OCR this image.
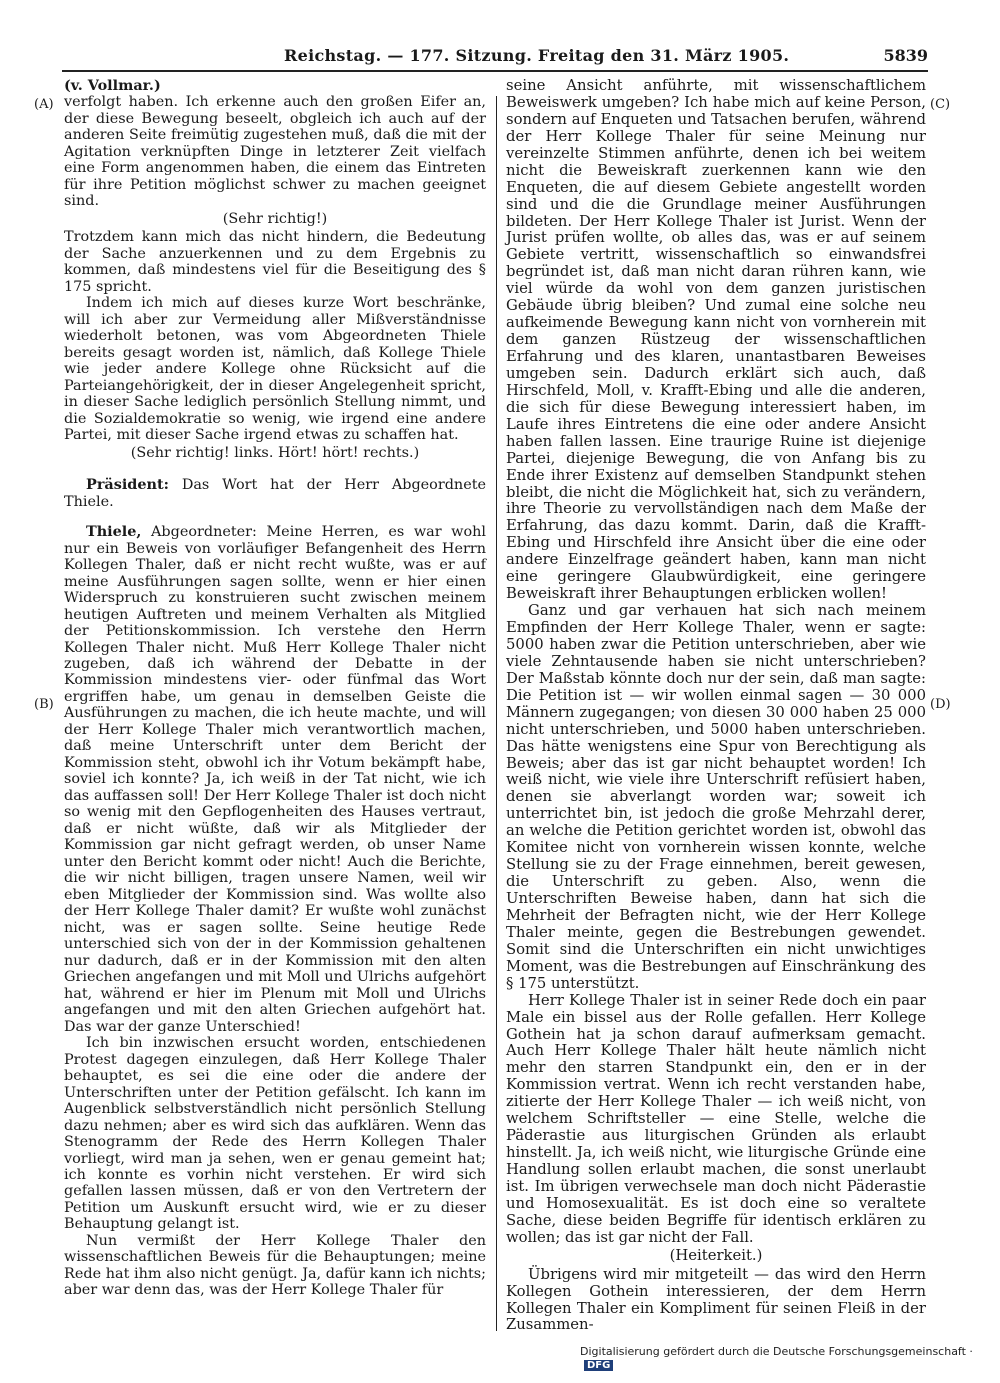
Reichstag. — 177. Sitzung. Freitag den 31. März 1905.	5839
(A)
(B)
(C)
(D)

(v. Vollmar.)

verfolgt haben. Ich erkenne auch den großen Eifer an, der diese Bewegung beseelt, obgleich ich auch auf der anderen Seite freimütig zugestehen muß, daß die mit der Agitation verknüpften Dinge in letzterer Zeit vielfach eine Form angenommen haben, die einem das Eintreten für ihre Petition möglichst schwer zu machen geeignet sind.

(Sehr richtig!)

Trotzdem kann mich das nicht hindern, die Bedeutung der Sache anzuerkennen und zu dem Ergebnis zu kommen, daß mindestens viel für die Beseitigung des § 175 spricht.

Indem ich mich auf dieses kurze Wort beschränke, will ich aber zur Vermeidung aller Mißverständnisse wiederholt betonen, was vom Abgeordneten Thiele bereits gesagt worden ist, nämlich, daß Kollege Thiele wie jeder andere Kollege ohne Rücksicht auf die Parteiangehörigkeit, der in dieser Angelegenheit spricht, in dieser Sache lediglich persönlich Stellung nimmt, und die Sozialdemokratie so wenig, wie irgend eine andere Partei, mit dieser Sache irgend etwas zu schaffen hat.

(Sehr richtig! links. Hört! hört! rechts.)

Präsident: Das Wort hat der Herr Abgeordnete Thiele.

Thiele, Abgeordneter: Meine Herren, es war wohl nur ein Beweis von vorläufiger Befangenheit des Herrn Kollegen Thaler, daß er nicht recht wußte, was er auf meine Ausführungen sagen sollte, wenn er hier einen Widerspruch zu konstruieren sucht zwischen meinem heutigen Auftreten und meinem Verhalten als Mitglied der Petitionskommission. Ich verstehe den Herrn Kollegen Thaler nicht. Muß Herr Kollege Thaler nicht zugeben, daß ich während der Debatte in der Kommission mindestens vier- oder fünfmal das Wort ergriffen habe, um genau in demselben Geiste die Ausführungen zu machen, die ich heute machte, und will der Herr Kollege Thaler mich verantwortlich machen, daß meine Unterschrift unter dem Bericht der Kommission steht, obwohl ich ihr Votum bekämpft habe, soviel ich konnte? Ja, ich weiß in der Tat nicht, wie ich das auffassen soll! Der Herr Kollege Thaler ist doch nicht so wenig mit den Gepflogenheiten des Hauses vertraut, daß er nicht wüßte, daß wir als Mitglieder der Kommission gar nicht gefragt werden, ob unser Name unter den Bericht kommt oder nicht! Auch die Berichte, die wir nicht billigen, tragen unsere Namen, weil wir eben Mitglieder der Kommission sind. Was wollte also der Herr Kollege Thaler damit? Er wußte wohl zunächst nicht, was er sagen sollte. Seine heutige Rede unterschied sich von der in der Kommission gehaltenen nur dadurch, daß er in der Kommission mit den alten Griechen angefangen und mit Moll und Ulrichs aufgehört hat, während er hier im Plenum mit Moll und Ulrichs angefangen und mit den alten Griechen aufgehört hat. Das war der ganze Unterschied!

Ich bin inzwischen ersucht worden, entschiedenen Protest dagegen einzulegen, daß Herr Kollege Thaler behauptet, es sei die eine oder die andere der Unterschriften unter der Petition gefälscht. Ich kann im Augenblick selbstverständlich nicht persönlich Stellung dazu nehmen; aber es wird sich das aufklären. Wenn das Stenogramm der Rede des Herrn Kollegen Thaler vorliegt, wird man ja sehen, wen er genau gemeint hat; ich konnte es vorhin nicht verstehen. Er wird sich gefallen lassen müssen, daß er von den Vertretern der Petition um Auskunft ersucht wird, wie er zu dieser Behauptung gelangt ist.

Nun vermißt der Herr Kollege Thaler den wissenschaftlichen Beweis für die Behauptungen; meine Rede hat ihm also nicht genügt. Ja, dafür kann ich nichts; aber war denn das, was der Herr Kollege Thaler für

seine Ansicht anführte, mit wissenschaftlichem Beweiswerk umgeben? Ich habe mich auf keine Person, sondern auf Enqueten und Tatsachen berufen, während der Herr Kollege Thaler für seine Meinung nur vereinzelte Stimmen anführte, denen ich bei weitem nicht die Beweiskraft zuerkennen kann wie den Enqueten, die auf diesem Gebiete angestellt worden sind und die die Grundlage meiner Ausführungen bildeten. Der Herr Kollege Thaler ist Jurist. Wenn der Jurist prüfen wollte, ob alles das, was er auf seinem Gebiete vertritt, wissenschaftlich so einwandsfrei begründet ist, daß man nicht daran rühren kann, wie viel würde da wohl von dem ganzen juristischen Gebäude übrig bleiben? Und zumal eine solche neu aufkeimende Bewegung kann nicht von vornherein mit dem ganzen Rüstzeug der wissenschaftlichen Erfahrung und des klaren, unantastbaren Beweises umgeben sein. Dadurch erklärt sich auch, daß Hirschfeld, Moll, v. Krafft-Ebing und alle die anderen, die sich für diese Bewegung interessiert haben, im Laufe ihres Eintretens die eine oder andere Ansicht haben fallen lassen. Eine traurige Ruine ist diejenige Partei, diejenige Bewegung, die von Anfang bis zu Ende ihrer Existenz auf demselben Standpunkt stehen bleibt, die nicht die Möglichkeit hat, sich zu verändern, ihre Theorie zu vervollständigen nach dem Maße der Erfahrung, das dazu kommt. Darin, daß die Krafft-Ebing und Hirschfeld ihre Ansicht über die eine oder andere Einzelfrage geändert haben, kann man nicht eine geringere Glaubwürdigkeit, eine geringere Beweiskraft ihrer Behauptungen erblicken wollen!

Ganz und gar verhauen hat sich nach meinem Empfinden der Herr Kollege Thaler, wenn er sagte: 5000 haben zwar die Petition unterschrieben, aber wie viele Zehntausende haben sie nicht unterschrieben? Der Maßstab könnte doch nur der sein, daß man sagte: Die Petition ist — wir wollen einmal sagen — 30 000 Männern zugegangen; von diesen 30 000 haben 25 000 nicht unterschrieben, und 5000 haben unterschrieben. Das hätte wenigstens eine Spur von Berechtigung als Beweis; aber das ist gar nicht behauptet worden! Ich weiß nicht, wie viele ihre Unterschrift refüsiert haben, denen sie abverlangt worden war; soweit ich unterrichtet bin, ist jedoch die große Mehrzahl derer, an welche die Petition gerichtet worden ist, obwohl das Komitee nicht von vornherein wissen konnte, welche Stellung sie zu der Frage einnehmen, bereit gewesen, die Unterschrift zu geben. Also, wenn die Unterschriften Beweise haben, dann hat sich die Mehrheit der Befragten nicht, wie der Herr Kollege Thaler meinte, gegen die Bestrebungen gewendet. Somit sind die Unterschriften ein nicht unwichtiges Moment, was die Bestrebungen auf Einschränkung des § 175 unterstützt.

Herr Kollege Thaler ist in seiner Rede doch ein paar Male ein bissel aus der Rolle gefallen. Herr Kollege Gothein hat ja schon darauf aufmerksam gemacht. Auch Herr Kollege Thaler hält heute nämlich nicht mehr den starren Standpunkt ein, den er in der Kommission vertrat. Wenn ich recht verstanden habe, zitierte der Herr Kollege Thaler — ich weiß nicht, von welchem Schriftsteller — eine Stelle, welche die Päderastie aus liturgischen Gründen als erlaubt hinstellt. Ja, ich weiß nicht, wie liturgische Gründe eine Handlung sollen erlaubt machen, die sonst unerlaubt ist. Im übrigen verwechsele man doch nicht Päderastie und Homosexualität. Es ist doch eine so veraltete Sache, diese beiden Begriffe für identisch erklären zu wollen; das ist gar nicht der Fall.

(Heiterkeit.)

Übrigens wird mir mitgeteilt — das wird den Herrn Kollegen Gothein interessieren, der dem Herrn Kollegen Thaler ein Kompliment für seinen Fleiß in der Zusammen-

Digitalisierung gefördert durch die Deutsche Forschungsgemeinschaft · DFG
